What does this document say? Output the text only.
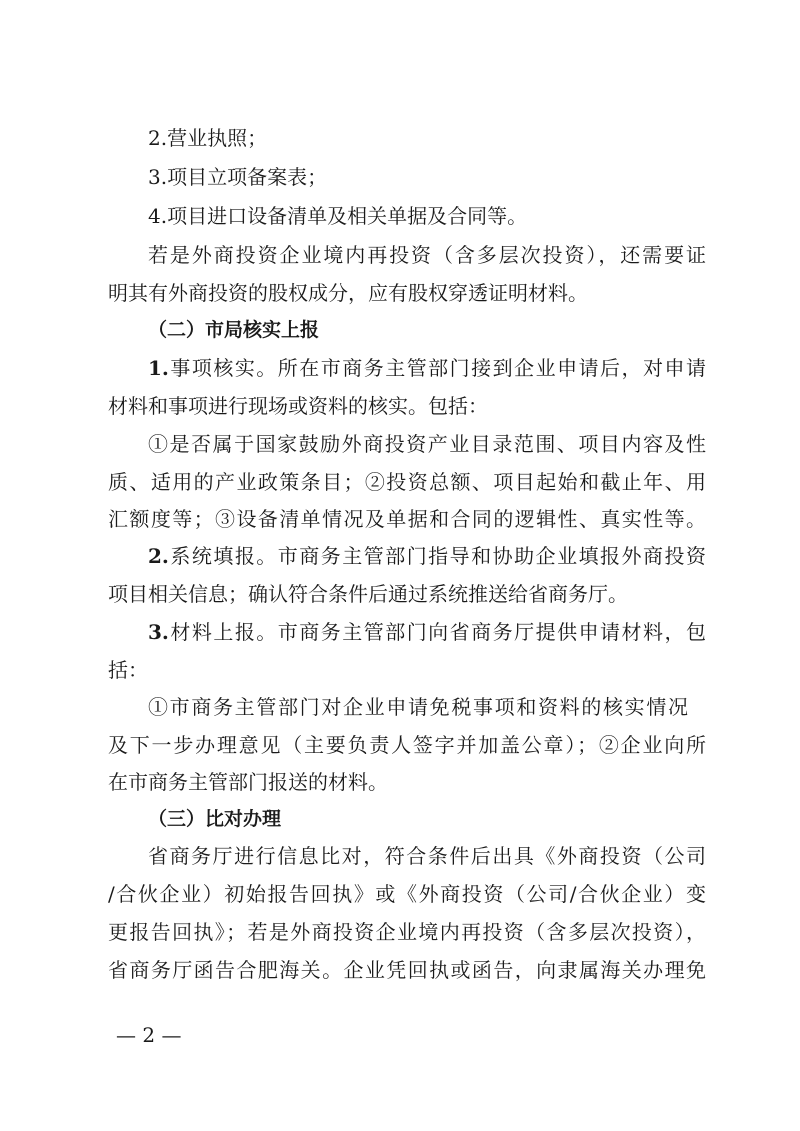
2.营业执照；
3.项目立项备案表；
4.项目进口设备清单及相关单据及合同等。
若是外商投资企业境内再投资（含多层次投资），还需要证
明其有外商投资的股权成分，应有股权穿透证明材料。
（二）市局核实上报
1.事项核实。所在市商务主管部门接到企业申请后，对申请
材料和事项进行现场或资料的核实。包括：
①是否属于国家鼓励外商投资产业目录范围、项目内容及性
质、适用的产业政策条目；②投资总额、项目起始和截止年、用
汇额度等；③设备清单情况及单据和合同的逻辑性、真实性等。
2.系统填报。市商务主管部门指导和协助企业填报外商投资
项目相关信息；确认符合条件后通过系统推送给省商务厅。
3.材料上报。市商务主管部门向省商务厅提供申请材料，包
括：
①市商务主管部门对企业申请免税事项和资料的核实情况
及下一步办理意见（主要负责人签字并加盖公章）；②企业向所
在市商务主管部门报送的材料。
（三）比对办理
省商务厅进行信息比对，符合条件后出具《外商投资（公司
/合伙企业）初始报告回执》或《外商投资（公司/合伙企业）变
更报告回执》；若是外商投资企业境内再投资（含多层次投资），
省商务厅函告合肥海关。企业凭回执或函告，向隶属海关办理免
— 2 —
